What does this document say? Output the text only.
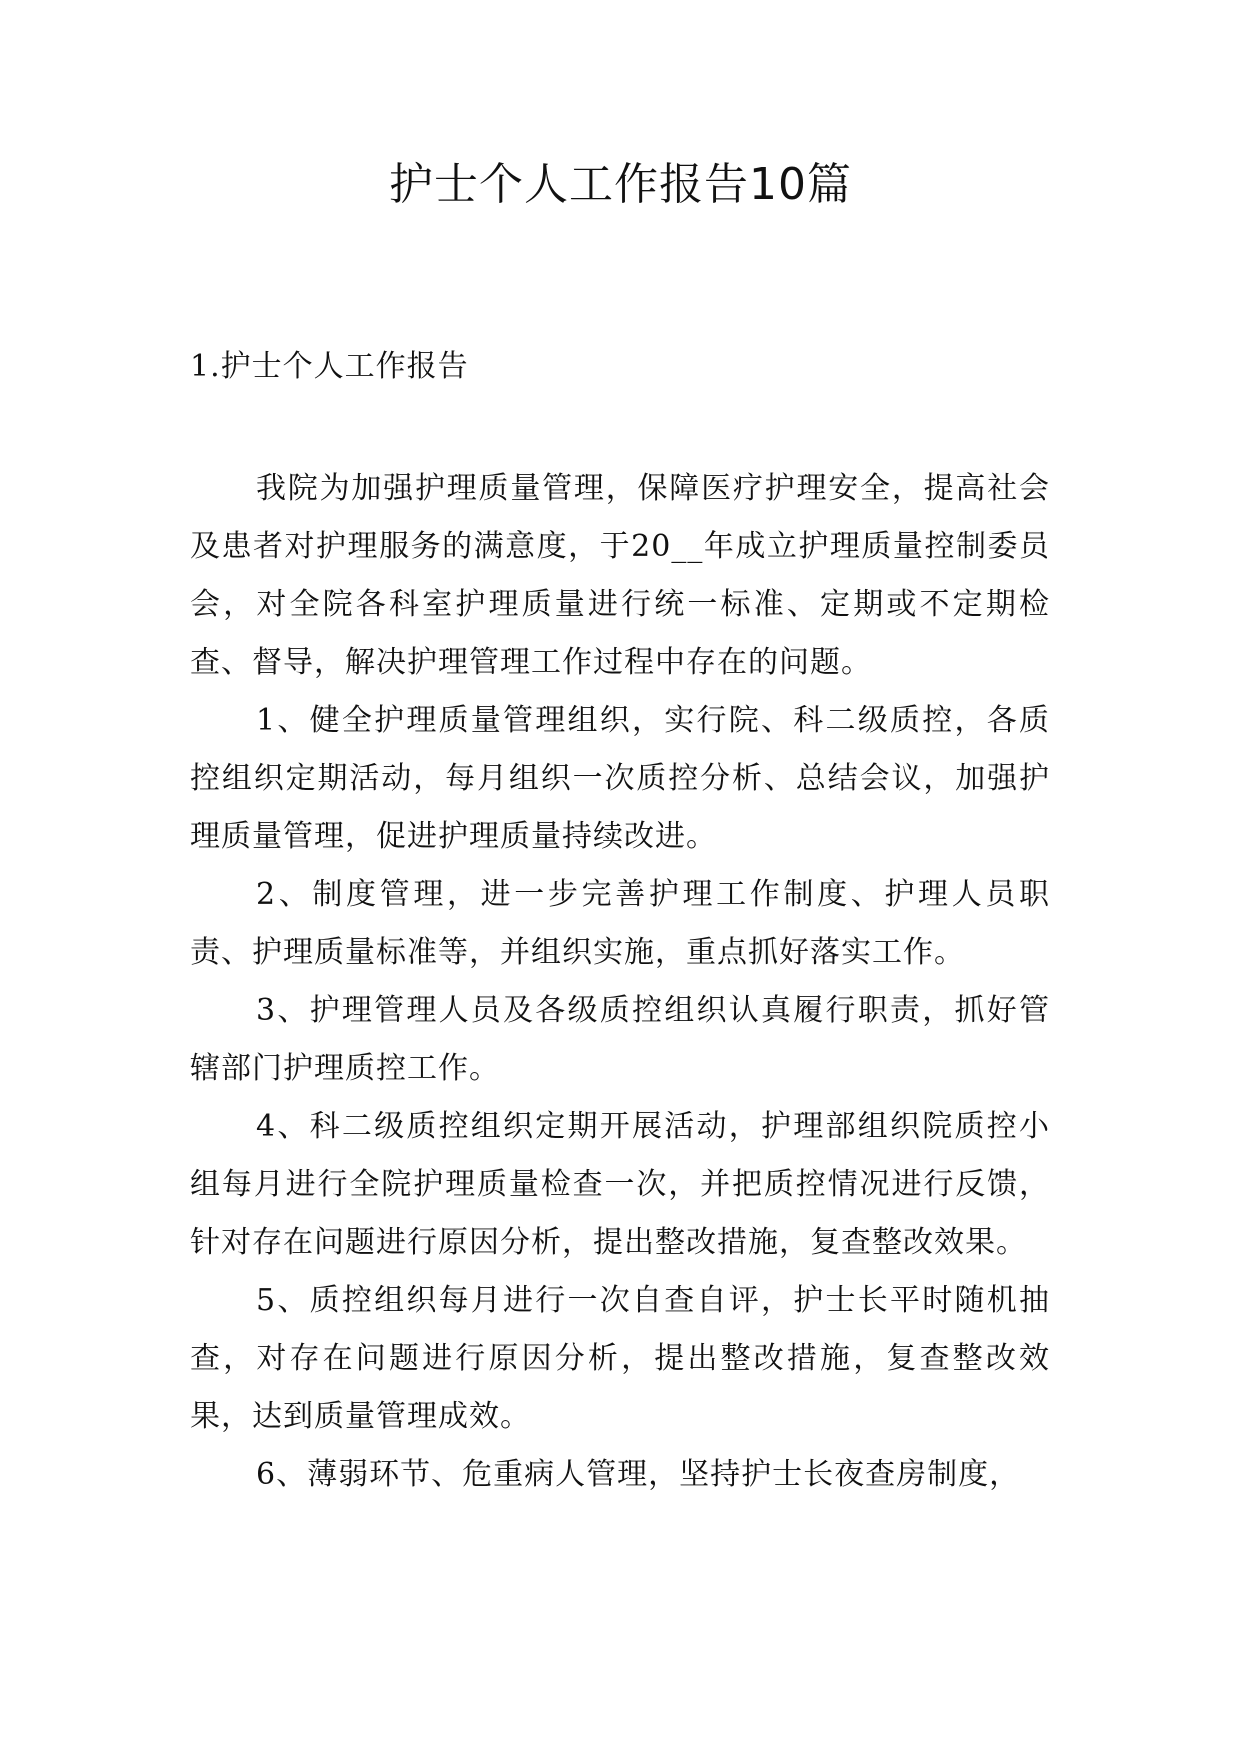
护士个人工作报告10篇
1.护士个人工作报告

我院为加强护理质量管理，保障医疗护理安全，提高社会及患者对护理服务的满意度，于20__年成立护理质量控制委员会，对全院各科室护理质量进行统一标准、定期或不定期检查、督导，解决护理管理工作过程中存在的问题。

1、健全护理质量管理组织，实行院、科二级质控，各质控组织定期活动，每月组织一次质控分析、总结会议，加强护理质量管理，促进护理质量持续改进。

2、制度管理，进一步完善护理工作制度、护理人员职责、护理质量标准等，并组织实施，重点抓好落实工作。

3、护理管理人员及各级质控组织认真履行职责，抓好管辖部门护理质控工作。

4、科二级质控组织定期开展活动，护理部组织院质控小组每月进行全院护理质量检查一次，并把质控情况进行反馈，针对存在问题进行原因分析，提出整改措施，复查整改效果。

5、质控组织每月进行一次自查自评，护士长平时随机抽查，对存在问题进行原因分析，提出整改措施，复查整改效果，达到质量管理成效。

6、薄弱环节、危重病人管理，坚持护士长夜查房制度，
